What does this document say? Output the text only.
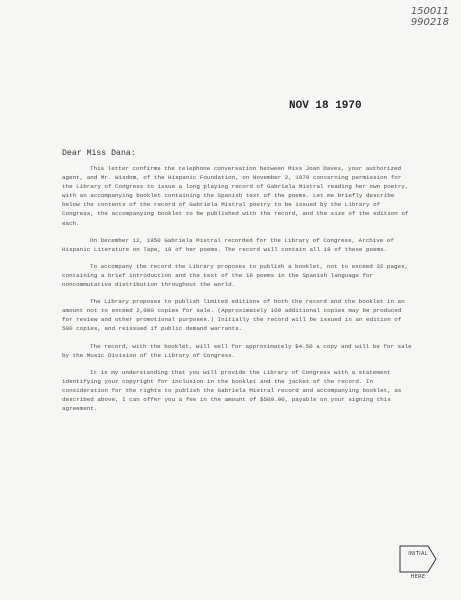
150011
990218
NOV 18 1970
Dear Miss Dana:

This letter confirms the telephone conversation between Miss Joan Daves, your authorized agent, and Mr. Wisdom, of the Hispanic Foundation, on November 2, 1970 concerning permission for the Library of Congress to issue a long playing record of Gabriela Mistral reading her own poetry, with an accompanying booklet containing the Spanish text of the poems. Let me briefly describe below the contents of the record of Gabriela Mistral poetry to be issued by the Library of Congress, the accompanying booklet to be published with the record, and the size of the edition of each.

On December 12, 1950 Gabriela Mistral recorded for the Library of Congress, Archive of Hispanic Literature on Tape, 18 of her poems. The record will contain all 18 of these poems.

To accompany the record the Library proposes to publish a booklet, not to exceed 32 pages, containing a brief introduction and the text of the 18 poems in the Spanish language for noncommutative distribution throughout the world.

The Library proposes to publish limited editions of both the record and the booklet in an amount not to exceed 2,000 copies for sale. (Approximately 100 additional copies may be produced for review and other promotional purposes.) Initially the record will be issued in an edition of 500 copies, and reissued if public demand warrants.

The record, with the booklet, will sell for approximately $4.50 a copy and will be for sale by the Music Division of the Library of Congress.

It is my understanding that you will provide the Library of Congress with a statement identifying your copyright for inclusion in the booklet and the jacket of the record. In consideration for the rights to publish the Gabriela Mistral record and accompanying booklet, as described above, I can offer you a fee in the amount of $500.00, payable on your signing this agreement.

INITIAL
HERE
